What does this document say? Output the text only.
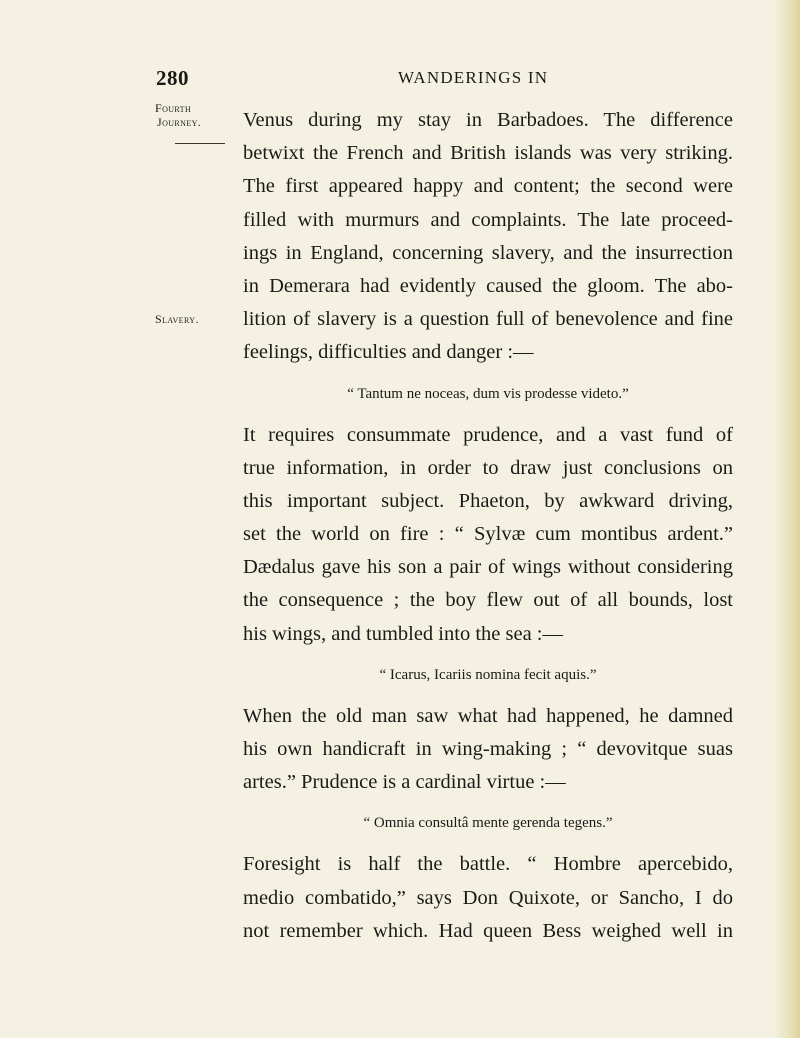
280	WANDERINGS IN
Fourth
Journey.
Slavery.
Venus during my stay in Barbadoes. The difference
betwixt the French and British islands was very striking.
The first appeared happy and content; the second were
filled with murmurs and complaints. The late proceed-
ings in England, concerning slavery, and the insurrection
in Demerara had evidently caused the gloom. The abo-
lition of slavery is a question full of benevolence and fine
feelings, difficulties and danger :—
“ Tantum ne noceas, dum vis prodesse videto.”
It requires consummate prudence, and a vast fund of
true information, in order to draw just conclusions on
this important subject. Phaeton, by awkward driving,
set the world on fire : “ Sylvæ cum montibus ardent.”
Dædalus gave his son a pair of wings without considering
the consequence ; the boy flew out of all bounds, lost
his wings, and tumbled into the sea :—
“ Icarus, Icariis nomina fecit aquis.”
When the old man saw what had happened, he damned
his own handicraft in wing-making ; “ devovitque suas
artes.” Prudence is a cardinal virtue :—
“ Omnia consultâ mente gerenda tegens.”
Foresight is half the battle. “ Hombre apercebido,
medio combatido,” says Don Quixote, or Sancho, I do
not remember which. Had queen Bess weighed well in
